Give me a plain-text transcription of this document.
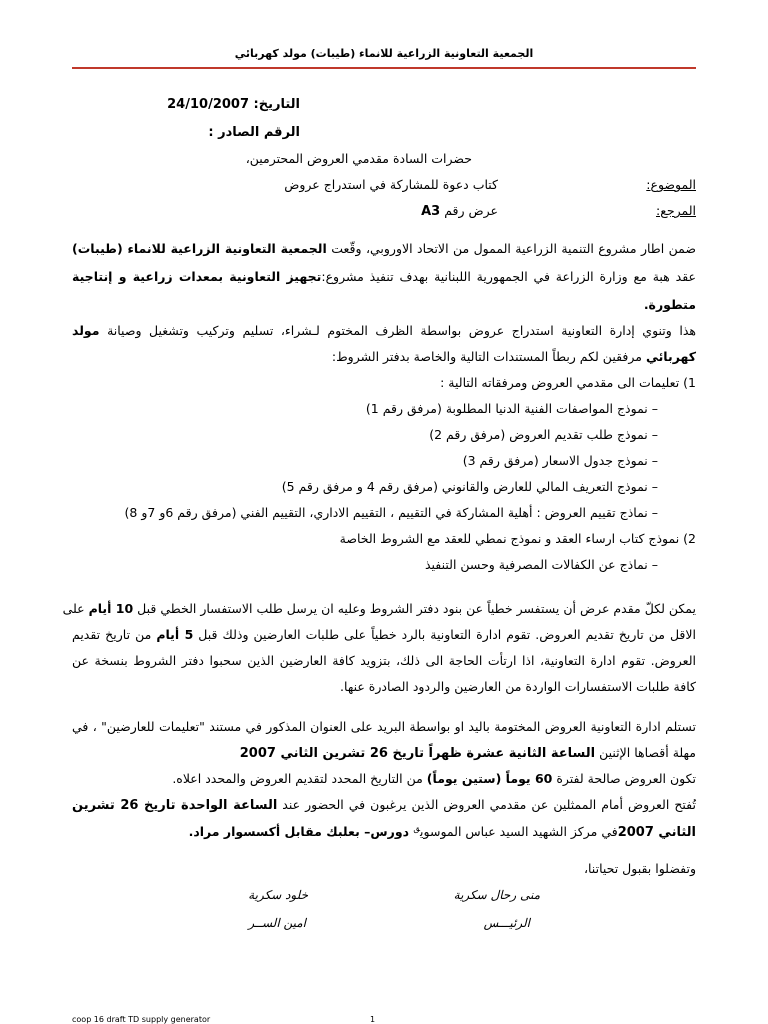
الجمعية التعاونية الزراعية للانماء (طيبات) مولد كهربائي
التاريخ: 24/10/2007
الرقم الصادر :
حضرات السادة مقدمي العروض المحترمين،
الموضوع:
كتاب دعوة للمشاركة في استدراج عروض
المرجع:
عرض رقم A3
ضمن اطار مشروع التنمية الزراعية الممول من الاتحاد الاوروبي، وقّعت الجمعية التعاونية الزراعية للانماء (طيبات)
عقد هبة مع وزارة الزراعة في الجمهورية اللبنانية بهدف تنفيذ مشروع:تجهيز التعاونية بمعدات زراعية و إنتاجية
متطورة.
هذا وتنوي إدارة التعاونية استدراج عروض بواسطة الظرف المختوم لـشراء، تسليم وتركيب وتشغيل وصيانة مولد
كهربائي مرفقين لكم ربطاً المستندات التالية والخاصة بدفتر الشروط:
1) تعليمات الى مقدمي العروض ومرفقاته التالية :
– نموذج المواصفات الفنية الدنيا المطلوبة (مرفق رقم 1)
– نموذج طلب تقديم العروض (مرفق رقم 2)
– نموذج جدول الاسعار (مرفق رقم 3)
– نموذج التعريف المالي للعارض والقانوني (مرفق رقم 4 و مرفق رقم 5)
– نماذج تقييم العروض : أهلية المشاركة في التقييم ، التقييم الاداري، التقييم الفني (مرفق رقم 6و 7و 8)
2) نموذج كتاب ارساء العقد و نموذج نمطي للعقد مع الشروط الخاصة
– نماذج عن الكفالات المصرفية وحسن التنفيذ
يمكن لكلّ مقدم عرض أن يستفسر خطياً عن بنود دفتر الشروط وعليه ان يرسل طلب الاستفسار الخطي قبل 10 أيام على
الاقل من تاريخ تقديم العروض. تقوم ادارة التعاونية بالرد خطياً على طلبات العارضين وذلك قبل 5 أيام من تاريخ تقديم
العروض. تقوم ادارة التعاونية، اذا ارتأت الحاجة الى ذلك، بتزويد كافة العارضين الذين سحبوا دفتر الشروط بنسخة عن
كافة طلبات الاستفسارات الواردة من العارضين والردود الصادرة عنها.
تستلم ادارة التعاونية العروض المختومة باليد او بواسطة البريد على العنوان المذكور في مستند "تعليمات للعارضين" ، في
مهلة أقصاها الإثنين الساعة الثانية عشرة ظهراً تاريخ 26 تشرين الثاني 2007
تكون العروض صالحة لفترة 60 يوماً (ستين يوماً) من التاريخ المحدد لتقديم العروض والمحدد اعلاه.
تُفتح العروض أمام الممثلين عن مقدمي العروض الذين يرغبون في الحضور عند الساعة الواحدة تاريخ 26 تشرين
الثاني 2007في مركز الشهيد السيد عباس الموسوي$^ق$ دورس– بعلبك مقابل أكسسوار مراد.
وتفضلوا بقبول تحياتنا،
منى رحال سكرية
الرئيـــس
خلود سكرية
امين الســر
coop 16 draft TD supply generator	1
